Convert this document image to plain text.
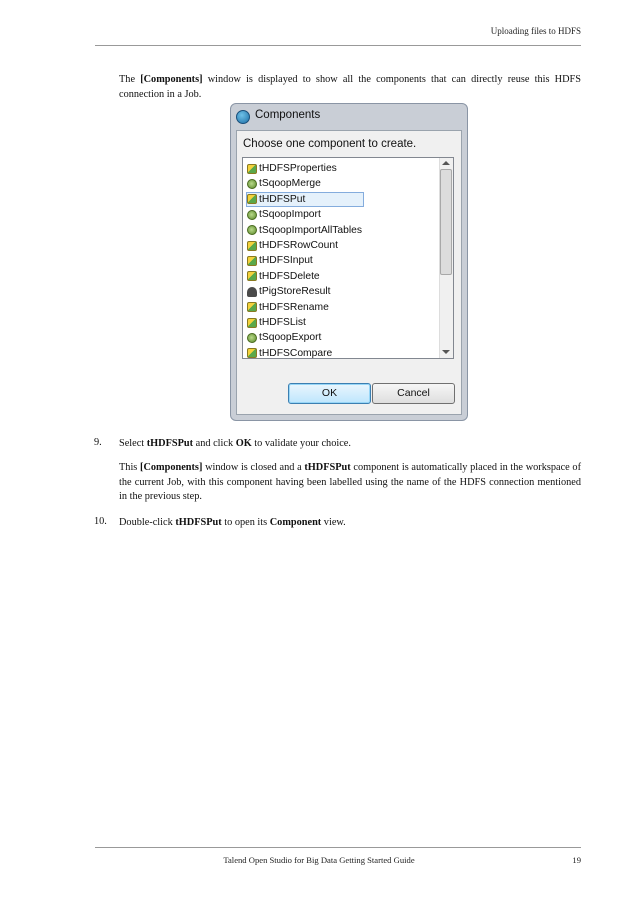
Uploading files to HDFS
The [Components] window is displayed to show all the components that can directly reuse this HDFS connection in a Job.
Components
Choose one component to create.
tHDFSProperties
tSqoopMerge
tHDFSPut
tSqoopImport
tSqoopImportAllTables
tHDFSRowCount
tHDFSInput
tHDFSDelete
tPigStoreResult
tHDFSRename
tHDFSList
tSqoopExport
tHDFSCompare
OK	Cancel
9. Select tHDFSPut and click OK to validate your choice.
This [Components] window is closed and a tHDFSPut component is automatically placed in the workspace of the current Job, with this component having been labelled using the name of the HDFS connection mentioned in the previous step.
10. Double-click tHDFSPut to open its Component view.
Talend Open Studio for Big Data Getting Started Guide	19
